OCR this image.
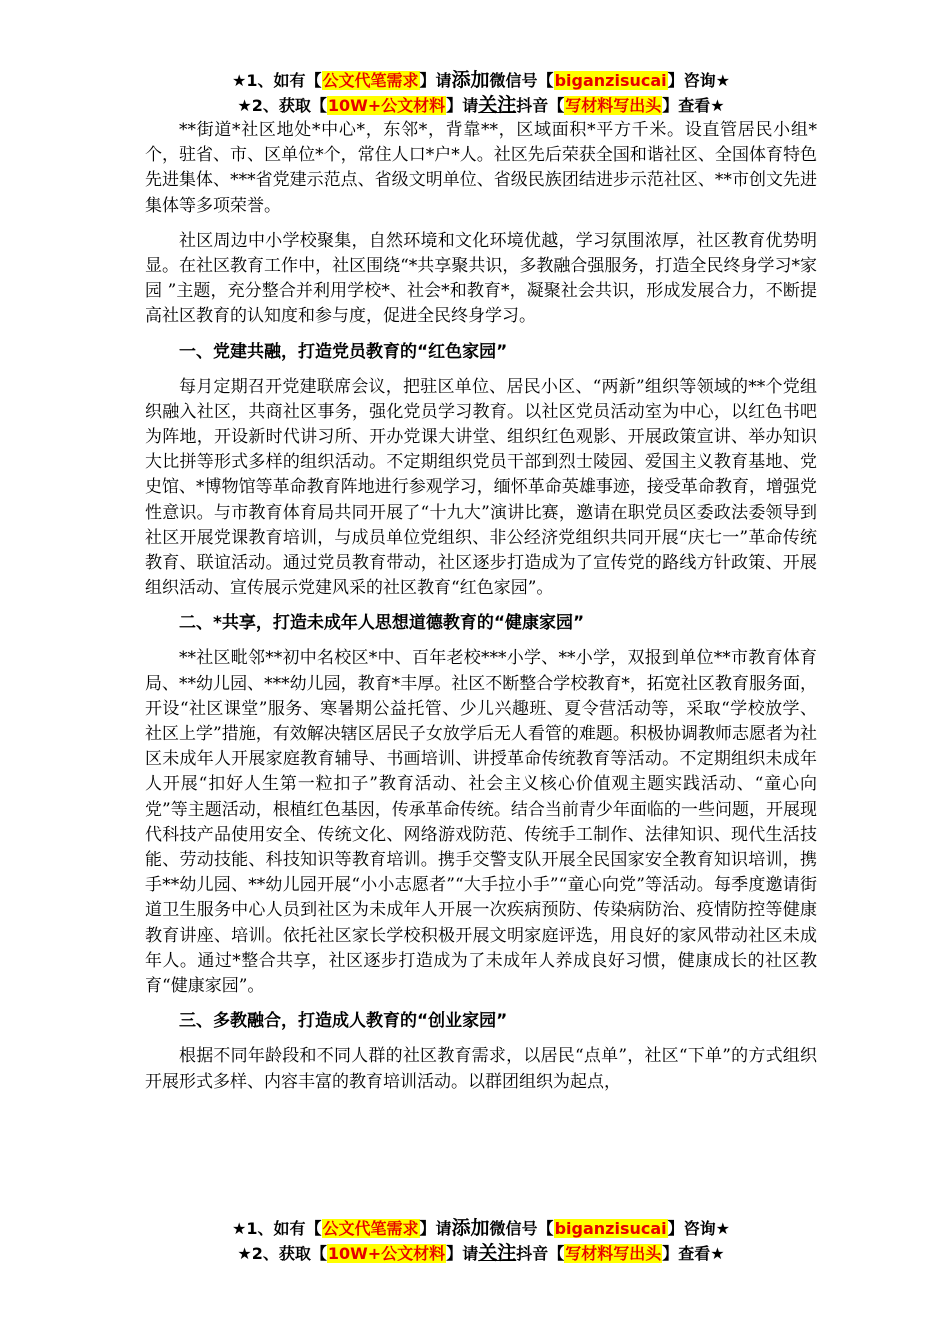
★1、如有【公文代笔需求】请添加微信号【biganzisucai】咨询★
★2、获取【10W+公文材料】请关注抖音【写材料写出头】查看★

**街道*社区地处*中心*，东邻*，背靠**，区域面积*平方千米。设直管居民小组*个，驻省、市、区单位*个，常住人口*户*人。社区先后荣获全国和谐社区、全国体育特色先进集体、***省党建示范点、省级文明单位、省级民族团结进步示范社区、**市创文先进集体等多项荣誉。

社区周边中小学校聚集，自然环境和文化环境优越，学习氛围浓厚，社区教育优势明显。在社区教育工作中，社区围绕“*共享聚共识，多教融合强服务，打造全民终身学习*家园 ”主题，充分整合并利用学校*、社会*和教育*，凝聚社会共识，形成发展合力，不断提高社区教育的认知度和参与度，促进全民终身学习。

一、党建共融，打造党员教育的“红色家园”

每月定期召开党建联席会议，把驻区单位、居民小区、“两新”组织等领域的**个党组织融入社区，共商社区事务，强化党员学习教育。以社区党员活动室为中心，以红色书吧为阵地，开设新时代讲习所、开办党课大讲堂、组织红色观影、开展政策宣讲、举办知识大比拼等形式多样的组织活动。不定期组织党员干部到烈士陵园、爱国主义教育基地、党史馆、*博物馆等革命教育阵地进行参观学习，缅怀革命英雄事迹，接受革命教育，增强党性意识。与市教育体育局共同开展了“十九大”演讲比赛，邀请在职党员区委政法委领导到社区开展党课教育培训，与成员单位党组织、非公经济党组织共同开展“庆七一”革命传统教育、联谊活动。通过党员教育带动，社区逐步打造成为了宣传党的路线方针政策、开展组织活动、宣传展示党建风采的社区教育“红色家园”。

二、*共享，打造未成年人思想道德教育的“健康家园”

**社区毗邻**初中名校区*中、百年老校***小学、**小学，双报到单位**市教育体育局、**幼儿园、***幼儿园，教育*丰厚。社区不断整合学校教育*，拓宽社区教育服务面，开设“社区课堂”服务、寒暑期公益托管、少儿兴趣班、夏令营活动等，采取“学校放学、社区上学”措施，有效解决辖区居民子女放学后无人看管的难题。积极协调教师志愿者为社区未成年人开展家庭教育辅导、书画培训、讲授革命传统教育等活动。不定期组织未成年人开展“扣好人生第一粒扣子”教育活动、社会主义核心价值观主题实践活动、“童心向党”等主题活动，根植红色基因，传承革命传统。结合当前青少年面临的一些问题，开展现代科技产品使用安全、传统文化、网络游戏防范、传统手工制作、法律知识、现代生活技能、劳动技能、科技知识等教育培训。携手交警支队开展全民国家安全教育知识培训，携手**幼儿园、**幼儿园开展“小小志愿者”“大手拉小手”“童心向党”等活动。每季度邀请街道卫生服务中心人员到社区为未成年人开展一次疾病预防、传染病防治、疫情防控等健康教育讲座、培训。依托社区家长学校积极开展文明家庭评选，用良好的家风带动社区未成年人。通过*整合共享，社区逐步打造成为了未成年人养成良好习惯，健康成长的社区教育“健康家园”。

三、多教融合，打造成人教育的“创业家园”

根据不同年龄段和不同人群的社区教育需求，以居民“点单”，社区“下单”的方式组织开展形式多样、内容丰富的教育培训活动。以群团组织为起点，

★1、如有【公文代笔需求】请添加微信号【biganzisucai】咨询★
★2、获取【10W+公文材料】请关注抖音【写材料写出头】查看★
